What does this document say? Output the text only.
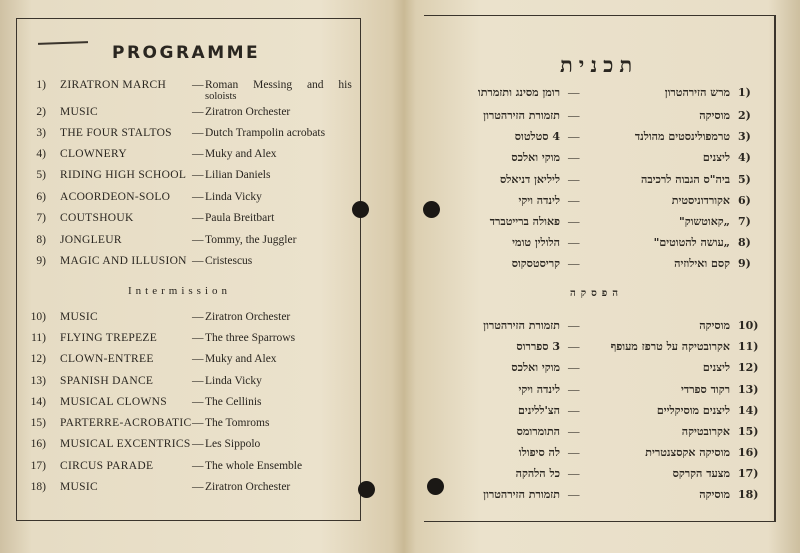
PROGRAMME	תכנית
Intermission	הפסקה
1) ZIRATRON MARCH — Roman Messing and his
soloists
2) MUSIC	— Ziratron Orchester
3) THE FOUR STALTOS — Dutch Trampolin acrobats
4) CLOWNERY	— Muky and Alex
5) RIDING HIGH SCHOOL — Lilian Daniels
6) ACOORDEON-SOLO — Linda Vicky
7) COUTSHOUK	— Paula Breitbart
8) JONGLEUR	— Tommy, the Juggler
9) MAGIC AND ILLUSION — Cristescus
10) MUSIC	— Ziratron Orchester
11) FLYING TREPEZE	— The three Sparrows
12) CLOWN-ENTREE	— Muky and Alex
13) SPANISH DANCE	— Linda Vicky
14) MUSICAL CLOWNS — The Cellinis
15) PARTERRE-ACROBATIC — The Tomroms
16) MUSICAL EXCENTRICS — Les Sippolo
17) CIRCUS PARADE	— The whole Ensemble
18) MUSIC	— Ziratron Orchester
1)
מרש הזירהטרון
—
רומן מסינג ותזמרתו
2)
מוסיקה
—
תזמורת הזירהטרון
3)
טרמפולינסטים מהולנד
—
4 סטלטוס
4)
ליצנים
—
מוקי ואלכס
5)
ביה"ס הגבוה לרכיבה
—
ליליאן דניאלס
6)
אקורדוניסטית
—
לינדה ויקי
7)
„קאוטשוק"
—
פאולה ברייטברד
8)
„עושה להטוטים"
—
הלולין טומי
9)
קסם ואילוזיה
—
קריסטסקוס
10)
מוסיקה
—
תזמורת הזירהטרון
11)
אקרובטיקה על טרפז מעופף
—
3 ספררוס
12)
ליצנים
—
מוקי ואלכס
13)
רקוד ספרדי
—
לינדה ויקי
14)
ליצנים מוסיקליים
—
הצ'ללינים
15)
אקרובטיקה
—
התומרומס
16)
מוסיקה אקסצנטרית
—
לה סיפולו
17)
מצעד הקרקס
—
כל הלהקה
18)
מוסיקה
—
תזמורת הזירהטרון
